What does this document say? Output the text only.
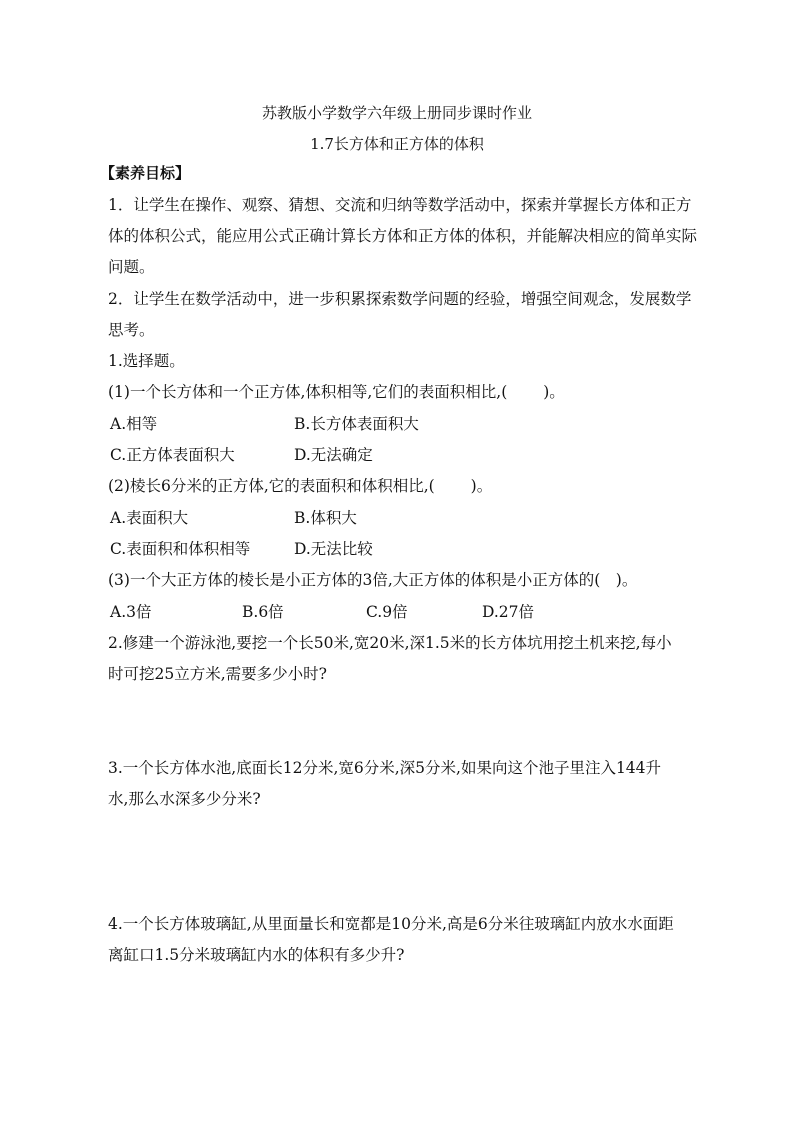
苏教版小学数学六年级上册同步课时作业
1.7长方体和正方体的体积
【素养目标】
1．让学生在操作、观察、猜想、交流和归纳等数学活动中，探索并掌握长方体和正方
体的体积公式，能应用公式正确计算长方体和正方体的体积，并能解决相应的简单实际
问题。
2．让学生在数学活动中，进一步积累探索数学问题的经验，增强空间观念，发展数学
思考。
1.选择题。
(1)一个长方体和一个正方体,体积相等,它们的表面积相比,(　　 )。
A.相等	B.长方体表面积大
C.正方体表面积大	D.无法确定
(2)棱长6分米的正方体,它的表面积和体积相比,(　　 )。
A.表面积大	B.体积大
C.表面积和体积相等	D.无法比较
(3)一个大正方体的棱长是小正方体的3倍,大正方体的体积是小正方体的(　)。
A.3倍	B.6倍	C.9倍	D.27倍
2.修建一个游泳池,要挖一个长50米,宽20米,深1.5米的长方体坑用挖土机来挖,每小
时可挖25立方米,需要多少小时?
3.一个长方体水池,底面长12分米,宽6分米,深5分米,如果向这个池子里注入144升
水,那么水深多少分米?
4.一个长方体玻璃缸,从里面量长和宽都是10分米,高是6分米往玻璃缸内放水水面距
离缸口1.5分米玻璃缸内水的体积有多少升?
